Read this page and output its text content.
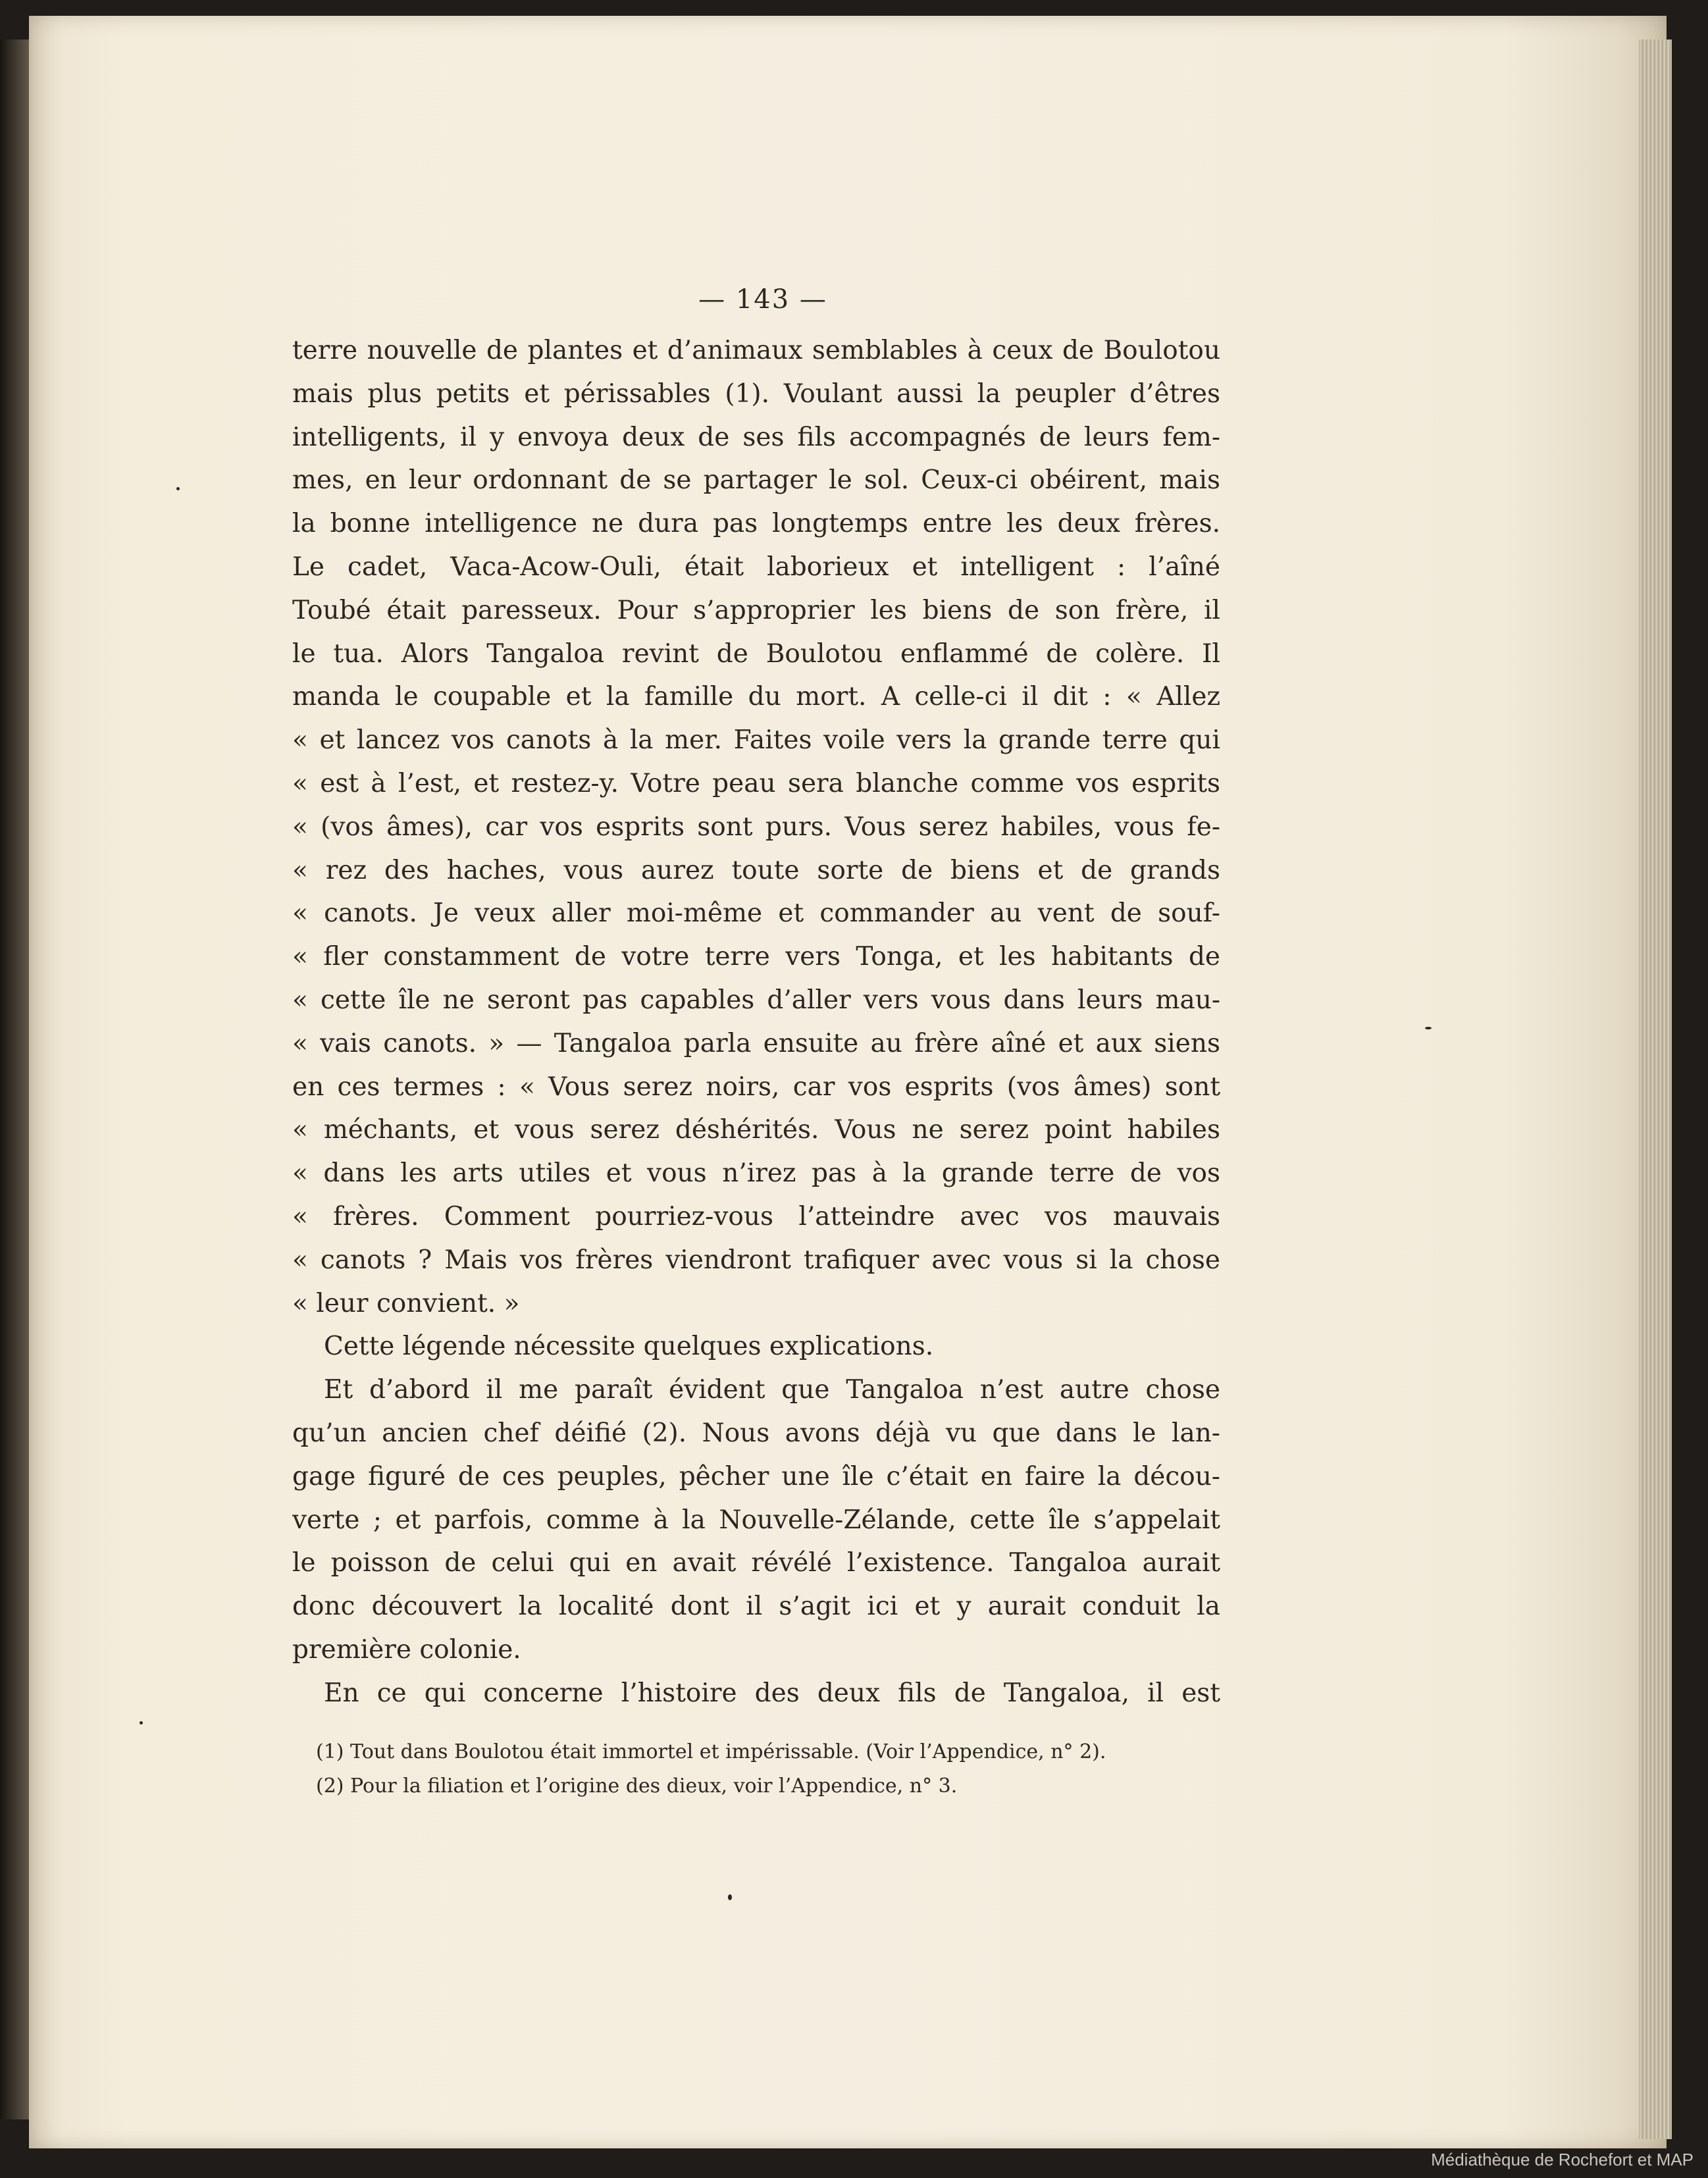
— 143 —
terre nouvelle de plantes et d’animaux semblables à ceux de Boulotou
mais plus petits et périssables (1). Voulant aussi la peupler d’êtres
intelligents, il y envoya deux de ses fils accompagnés de leurs fem-
mes, en leur ordonnant de se partager le sol. Ceux-ci obéirent, mais
la bonne intelligence ne dura pas longtemps entre les deux frères.
Le cadet, Vaca-Acow-Ouli, était laborieux et intelligent : l’aîné
Toubé était paresseux. Pour s’approprier les biens de son frère, il
le tua. Alors Tangaloa revint de Boulotou enflammé de colère. Il
manda le coupable et la famille du mort. A celle-ci il dit : « Allez
« et lancez vos canots à la mer. Faites voile vers la grande terre qui
« est à l’est, et restez-y. Votre peau sera blanche comme vos esprits
« (vos âmes), car vos esprits sont purs. Vous serez habiles, vous fe-
« rez des haches, vous aurez toute sorte de biens et de grands
« canots. Je veux aller moi-même et commander au vent de souf-
« fler constamment de votre terre vers Tonga, et les habitants de
« cette île ne seront pas capables d’aller vers vous dans leurs mau-
« vais canots. » — Tangaloa parla ensuite au frère aîné et aux siens
en ces termes : « Vous serez noirs, car vos esprits (vos âmes) sont
« méchants, et vous serez déshérités. Vous ne serez point habiles
« dans les arts utiles et vous n’irez pas à la grande terre de vos
« frères. Comment pourriez-vous l’atteindre avec vos mauvais
« canots ? Mais vos frères viendront trafiquer avec vous si la chose
« leur convient. »
Cette légende nécessite quelques explications.
Et d’abord il me paraît évident que Tangaloa n’est autre chose
qu’un ancien chef déifié (2). Nous avons déjà vu que dans le lan-
gage figuré de ces peuples, pêcher une île c’était en faire la décou-
verte ; et parfois, comme à la Nouvelle-Zélande, cette île s’appelait
le poisson de celui qui en avait révélé l’existence. Tangaloa aurait
donc découvert la localité dont il s’agit ici et y aurait conduit la
première colonie.
En ce qui concerne l’histoire des deux fils de Tangaloa, il est
(1) Tout dans Boulotou était immortel et impérissable. (Voir l’Appendice, n° 2).
(2) Pour la filiation et l’origine des dieux, voir l’Appendice, n° 3.
Médiathèque de Rochefort et MAP
